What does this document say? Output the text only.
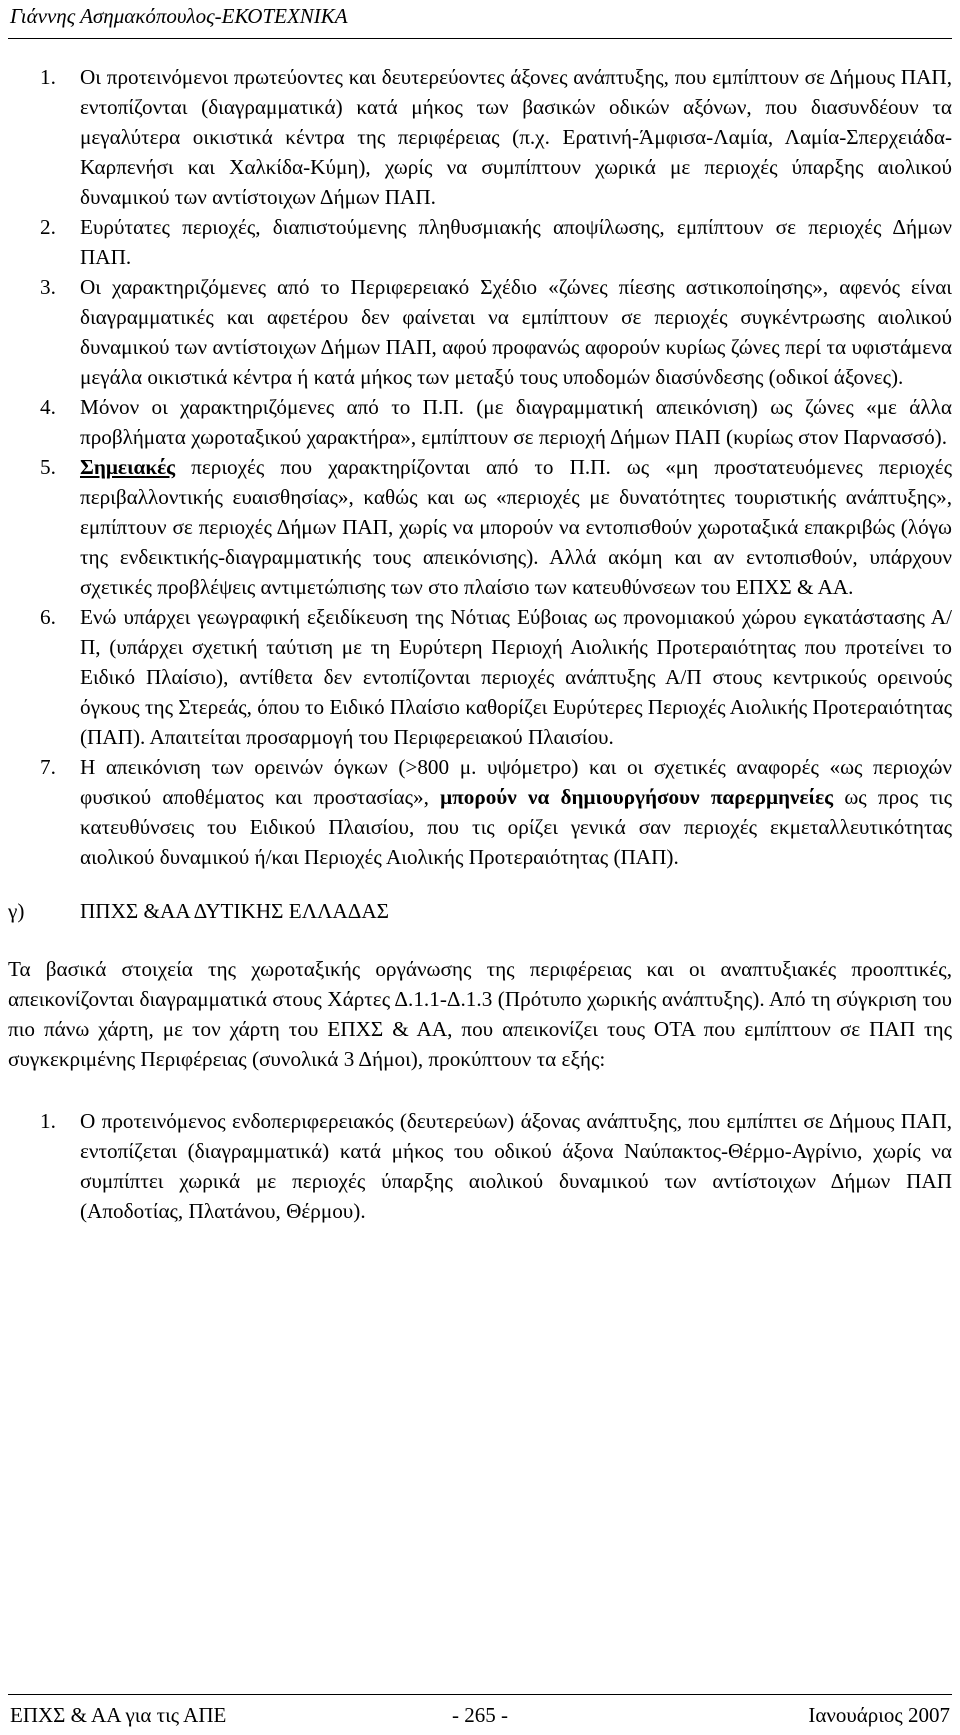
Γιάννης Ασημακόπουλος-ΕΚΟΤΕΧΝΙΚΑ
1.	Οι προτεινόμενοι πρωτεύοντες και δευτερεύοντες άξονες ανάπτυξης, που εμπίπτουν σε Δήμους ΠΑΠ, εντοπίζονται (διαγραμματικά) κατά μήκος των βασικών οδικών αξόνων, που διασυνδέουν τα μεγαλύτερα οικιστικά κέντρα της περιφέρειας (π.χ. Ερατινή-Άμφισα-Λαμία, Λαμία-Σπερχειάδα-Καρπενήσι και Χαλκίδα-Κύμη), χωρίς να συμπίπτουν χωρικά με περιοχές ύπαρξης αιολικού δυναμικού των αντίστοιχων Δήμων ΠΑΠ.

2.	Ευρύτατες περιοχές, διαπιστούμενης πληθυσμιακής αποψίλωσης, εμπίπτουν σε περιοχές Δήμων ΠΑΠ.

3.	Οι χαρακτηριζόμενες από το Περιφερειακό Σχέδιο «ζώνες πίεσης αστικοποίησης», αφενός είναι διαγραμματικές και αφετέρου δεν φαίνεται να εμπίπτουν σε περιοχές συγκέντρωσης αιολικού δυναμικού των αντίστοιχων Δήμων ΠΑΠ, αφού προφανώς αφορούν κυρίως ζώνες περί τα υφιστάμενα μεγάλα οικιστικά κέντρα ή κατά μήκος των μεταξύ τους υποδομών διασύνδεσης (οδικοί άξονες).

4.	Μόνον οι χαρακτηριζόμενες από το Π.Π. (με διαγραμματική απεικόνιση) ως ζώνες «με άλλα προβλήματα χωροταξικού χαρακτήρα», εμπίπτουν σε περιοχή Δήμων ΠΑΠ (κυρίως στον Παρνασσό).

5.	Σημειακές περιοχές που χαρακτηρίζονται από το Π.Π. ως «μη προστατευόμενες περιοχές περιβαλλοντικής ευαισθησίας», καθώς και ως «περιοχές με δυνατότητες τουριστικής ανάπτυξης», εμπίπτουν σε περιοχές Δήμων ΠΑΠ, χωρίς να μπορούν να εντοπισθούν χωροταξικά επακριβώς (λόγω της ενδεικτικής-διαγραμματικής τους απεικόνισης). Αλλά ακόμη και αν εντοπισθούν, υπάρχουν σχετικές προβλέψεις αντιμετώπισης των στο πλαίσιο των κατευθύνσεων του ΕΠΧΣ & ΑΑ.

6.	Ενώ υπάρχει γεωγραφική εξειδίκευση της Νότιας Εύβοιας ως προνομιακού χώρου εγκατάστασης Α/Π, (υπάρχει σχετική ταύτιση με τη Ευρύτερη Περιοχή Αιολικής Προτεραιότητας που προτείνει το Ειδικό Πλαίσιο), αντίθετα δεν εντοπίζονται περιοχές ανάπτυξης Α/Π στους κεντρικούς ορεινούς όγκους της Στερεάς, όπου το Ειδικό Πλαίσιο καθορίζει Ευρύτερες Περιοχές Αιολικής Προτεραιότητας (ΠΑΠ). Απαιτείται προσαρμογή του Περιφερειακού Πλαισίου.

7.	Η απεικόνιση των ορεινών όγκων (>800 μ. υψόμετρο) και οι σχετικές αναφορές «ως περιοχών φυσικού αποθέματος και προστασίας», μπορούν να δημιουργήσουν παρερμηνείες ως προς τις κατευθύνσεις του Ειδικού Πλαισίου, που τις ορίζει γενικά σαν περιοχές εκμεταλλευτικότητας αιολικού δυναμικού ή/και Περιοχές Αιολικής Προτεραιότητας (ΠΑΠ).

γ)	ΠΠΧΣ &ΑΑ ΔΥΤΙΚΗΣ ΕΛΛΑΔΑΣ

Τα βασικά στοιχεία της χωροταξικής οργάνωσης της περιφέρειας και οι αναπτυξιακές προοπτικές, απεικονίζονται διαγραμματικά στους Χάρτες Δ.1.1-Δ.1.3 (Πρότυπο χωρικής ανάπτυξης). Από τη σύγκριση του πιο πάνω χάρτη, με τον χάρτη του ΕΠΧΣ & ΑΑ, που απεικονίζει τους ΟΤΑ που εμπίπτουν σε ΠΑΠ της συγκεκριμένης Περιφέρειας (συνολικά 3 Δήμοι), προκύπτουν τα εξής:

1.	Ο προτεινόμενος ενδοπεριφερειακός (δευτερεύων) άξονας ανάπτυξης, που εμπίπτει σε Δήμους ΠΑΠ, εντοπίζεται (διαγραμματικά) κατά μήκος του οδικού άξονα Ναύπακτος-Θέρμο-Αγρίνιο, χωρίς να συμπίπτει χωρικά με περιοχές ύπαρξης αιολικού δυναμικού των αντίστοιχων Δήμων ΠΑΠ (Αποδοτίας, Πλατάνου, Θέρμου).

ΕΠΧΣ & ΑΑ για τις ΑΠΕ	- 265 -	Ιανουάριος 2007
